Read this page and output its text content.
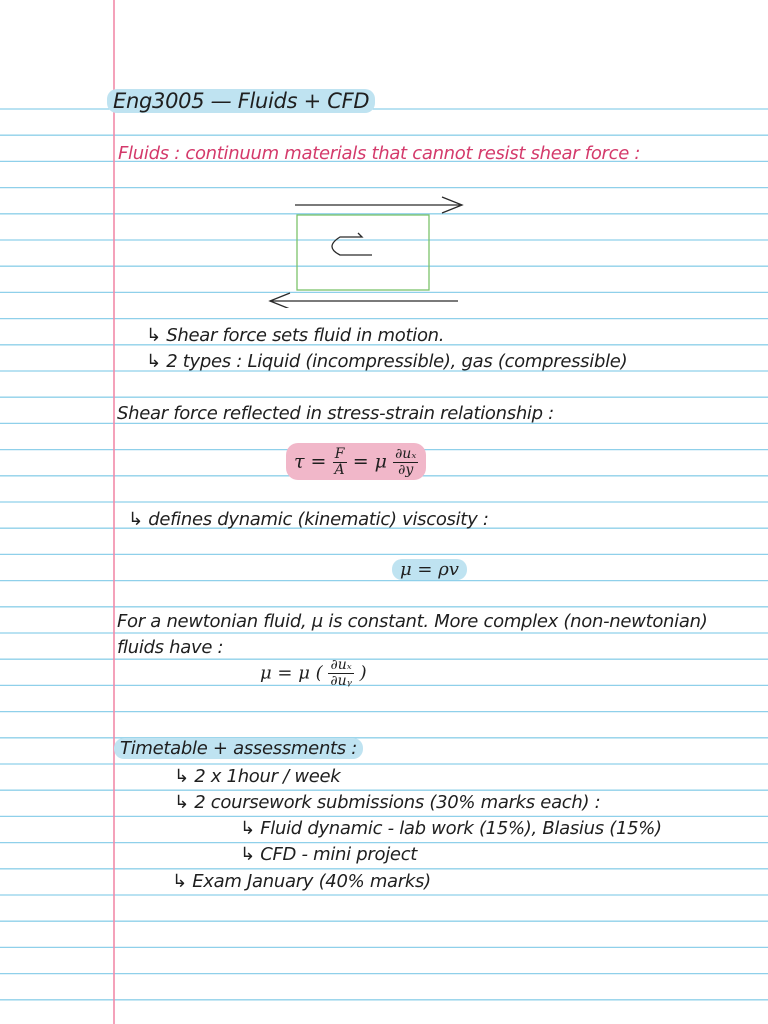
Eng3005 — Fluids + CFD
Fluids : continuum materials that cannot resist shear force :
↳ Shear force sets fluid in motion.
↳ 2 types : Liquid (incompressible), gas (compressible)
Shear force reflected in stress-strain relationship :
$\tau = \frac{F}{A} = \mu \frac{\text{∂uₓ}}{\partial y}$
↳ defines dynamic (kinematic) viscosity :
μ = ρv
For a newtonian fluid, μ is constant. More complex (non-newtonian)
fluids have :
μ = μ ( $\frac{\text{∂uₓ}}{\text{∂uᵧ}}$ )
Timetable + assessments :
↳ 2 x 1hour / week
↳ 2 coursework submissions (30% marks each) :
↳ Fluid dynamic - lab work (15%), Blasius (15%)
↳ CFD - mini project
↳ Exam January (40% marks)
